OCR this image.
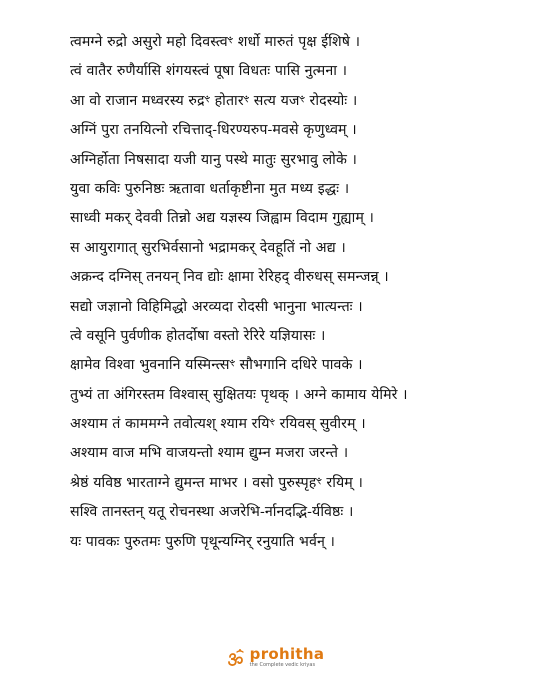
त्वमग्ने रुद्रो असुरो महो दिवस्त्वꣳ शर्धो मारुतं पृक्ष ईशिषे ।
त्वं वातैर रुणैर्यासि शंगयस्त्वं पूषा विधतः पासि नुत्मना ।
आ वो राजान मध्वरस्य रुद्रꣳ होतारꣳ सत्य यजꣳ रोदस्योः ।
अग्निं पुरा तनयित्नो रचित्ताद्-धिरण्यरुप-मवसे कृणुध्वम् ।
अग्निर्होता निषसादा यजी यानु पस्थे मातुः सुरभावु लोके ।
युवा कविः पुरुनिष्ठः ऋतावा धर्ताकृष्टीना मुत मध्य इद्धः ।
साध्वी मकर् देववी तिन्नो अद्य यज्ञस्य जिह्वाम विदाम गुह्याम् ।
स आयुरागात् सुरभिर्वसानो भद्रामकर् देवहूतिं नो अद्य ।
अक्रन्द दग्निस् तनयन् निव द्योः क्षामा रेरिहद् वीरुधस् समन्जन्न् ।
सद्यो जज्ञानो विहिमिद्धो अरव्यदा रोदसी भानुना भात्यन्तः ।
त्वे वसूनि पुर्वणीक होतर्दोषा वस्तो रेरिरे यज्ञियासः ।
क्षामेव विश्वा भुवनानि यस्मिन्त्सꣳ सौभगानि दधिरे पावके ।
तुभ्यं ता अंगिरस्तम विश्वास् सुक्षितयः पृथक् । अग्ने कामाय येमिरे ।
अश्याम तं काममग्ने तवोत्यश् श्याम रयिꣳ रयिवस् सुवीरम् ।
अश्याम वाज मभि वाजयन्तो श्याम द्युम्न मजरा जरन्ते ।
श्रेष्ठं यविष्ठ भारताग्ने द्युमन्त माभर । वसो पुरुस्पृहꣳ रयिम् ।
सश्वि तानस्तन् यतू रोचनस्था अजरेभि-र्नानदद्भि-र्यविष्ठः ।
यः पावकः पुरुतमः पुरुणि पृथून्यग्निर् रनुयाति भर्वन् ।
prohitha
the Complete vedic kriyas
